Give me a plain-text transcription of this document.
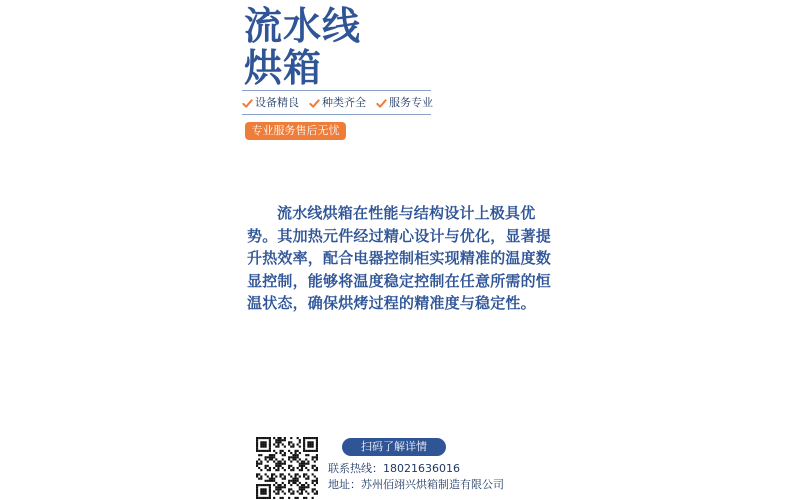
流水线
烘箱
设备精良 种类齐全 服务专业
专业服务售后无忧

流水线烘箱在性能与结构设计上极具优势。其加热元件经过精心设计与优化，显著提升热效率，配合电器控制柜实现精准的温度数显控制，能够将温度稳定控制在任意所需的恒温状态，确保烘烤过程的精准度与稳定性。

扫码了解详情
联系热线：18021636016
地址：苏州佰翊兴烘箱制造有限公司
